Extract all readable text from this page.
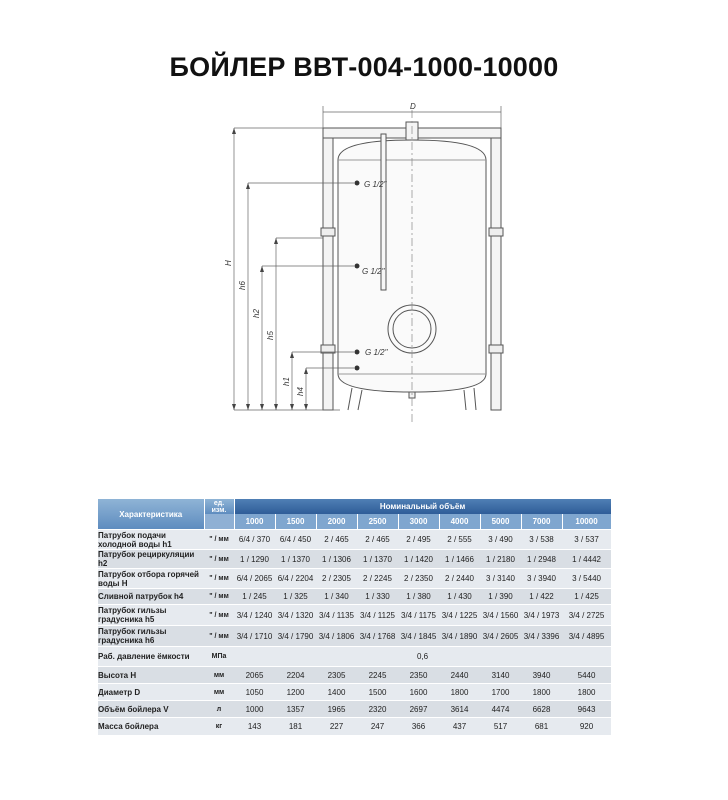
БОЙЛЕР ВВТ-004-1000-10000
G 1/2"
G 1/2"
G 1/2"
D
H
h6
h2
h5
h1
h4
Характеристика	ед.
изм.	Номинальный объём								
		1000	1500	2000	2500	3000	4000	5000	7000	10000
Патрубок подачи холодной воды h1	" / мм	6/4 / 370	6/4 / 450	2 / 465	2 / 465	2 / 495	2 / 555	3 / 490	3 / 538	3 / 537
Патрубок рециркуляции h2	" / мм	1 / 1290	1 / 1370	1 / 1306	1 / 1370	1 / 1420	1 / 1466	1 / 2180	1 / 2948	1 / 4442
Патрубок отбора горячей воды H	" / мм	6/4 / 2065	6/4 / 2204	2 / 2305	2 / 2245	2 / 2350	2 / 2440	3 / 3140	3 / 3940	3 / 5440
Сливной патрубок h4	" / мм	1 / 245	1 / 325	1 / 340	1 / 330	1 / 380	1 / 430	1 / 390	1 / 422	1 / 425
Патрубок гильзы градусника h5	" / мм	3/4 / 1240	3/4 / 1320	3/4 / 1135	3/4 / 1125	3/4 / 1175	3/4 / 1225	3/4 / 1560	3/4 / 1973	3/4 / 2725
Патрубок гильзы градусника h6	" / мм	3/4 / 1710	3/4 / 1790	3/4 / 1806	3/4 / 1768	3/4 / 1845	3/4 / 1890	3/4 / 2605	3/4 / 3396	3/4 / 4895
Раб. давление ёмкости	МПа	0,6								
Высота H	мм	2065	2204	2305	2245	2350	2440	3140	3940	5440
Диаметр D	мм	1050	1200	1400	1500	1600	1800	1700	1800	1800
Объём бойлера V	л	1000	1357	1965	2320	2697	3614	4474	6628	9643
Масса бойлера	кг	143	181	227	247	366	437	517	681	920
